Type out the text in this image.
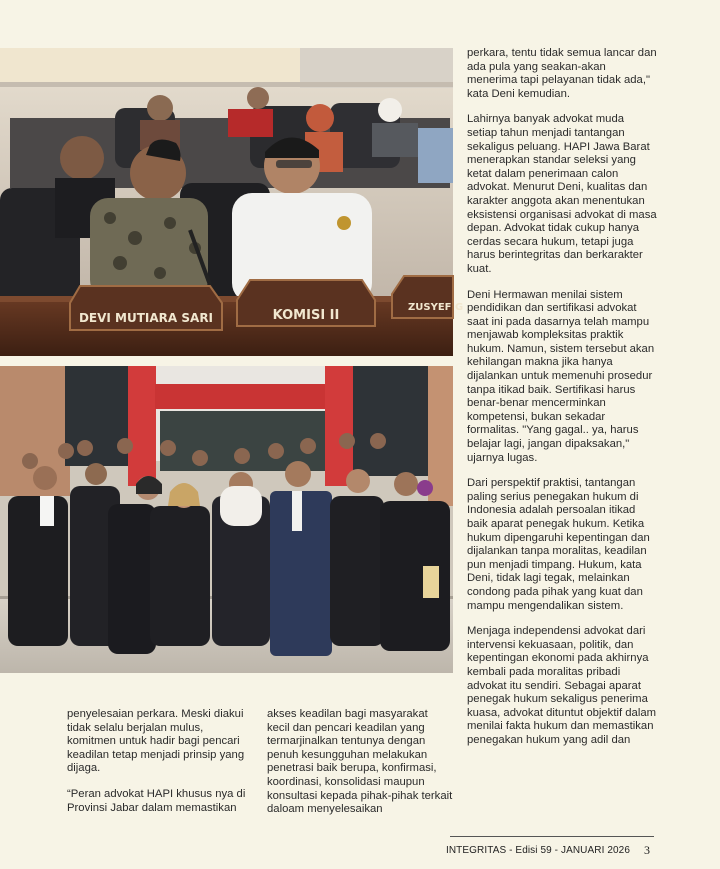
DEVI MUTIARA SARI	KOMISI II
ZUSYEF G

perkara, tentu tidak semua lancar dan ada pula yang seakan-akan menerima tapi pelayanan tidak ada," kata Deni kemudian.

Lahirnya banyak advokat muda setiap tahun menjadi tantangan sekaligus peluang. HAPI Jawa Barat menerapkan standar seleksi yang ketat dalam penerimaan calon advokat. Menurut Deni, kualitas dan karakter anggota akan menentukan eksistensi organisasi advokat di masa depan. Advokat tidak cukup hanya cerdas secara hukum, tetapi juga harus berintegritas dan berkarakter kuat.

Deni Hermawan menilai sistem pendidikan dan sertifikasi advokat saat ini pada dasarnya telah mampu menjawab kompleksitas praktik hukum. Namun, sistem tersebut akan kehilangan makna jika hanya dijalankan untuk memenuhi prosedur tanpa itikad baik. Sertifikasi harus benar-benar mencerminkan kompetensi, bukan sekadar formalitas. "Yang gagal.. ya, harus belajar lagi, jangan dipaksakan," ujarnya lugas.

Dari perspektif praktisi, tantangan paling serius penegakan hukum di Indonesia adalah persoalan itikad baik aparat penegak hukum. Ketika hukum dipengaruhi kepentingan dan dijalankan tanpa moralitas, keadilan pun menjadi timpang. Hukum, kata Deni, tidak lagi tegak, melainkan condong pada pihak yang kuat dan mampu mengendalikan sistem.

Menjaga independensi advokat dari intervensi kekuasaan, politik, dan kepentingan ekonomi pada akhirnya kembali pada moralitas pribadi advokat itu sendiri. Sebagai aparat penegak hukum sekaligus penerima kuasa, advokat dituntut objektif dalam menilai fakta hukum dan memastikan penegakan hukum yang adil dan

penyelesaian perkara. Meski diakui tidak selalu berjalan mulus, komitmen untuk hadir bagi pencari keadilan tetap menjadi prinsip yang dijaga.

“Peran advokat HAPI khusus nya di Provinsi Jabar dalam memastikan

akses keadilan bagi masyarakat kecil dan pencari keadilan yang termarjinalkan tentunya dengan penuh kesungguhan melakukan penetrasi baik berupa, konfirmasi, koordinasi, konsolidasi maupun konsultasi kepada pihak-pihak terkait daloam menyelesaikan

INTEGRITAS - Edisi 59 - JANUARI 2026 3
